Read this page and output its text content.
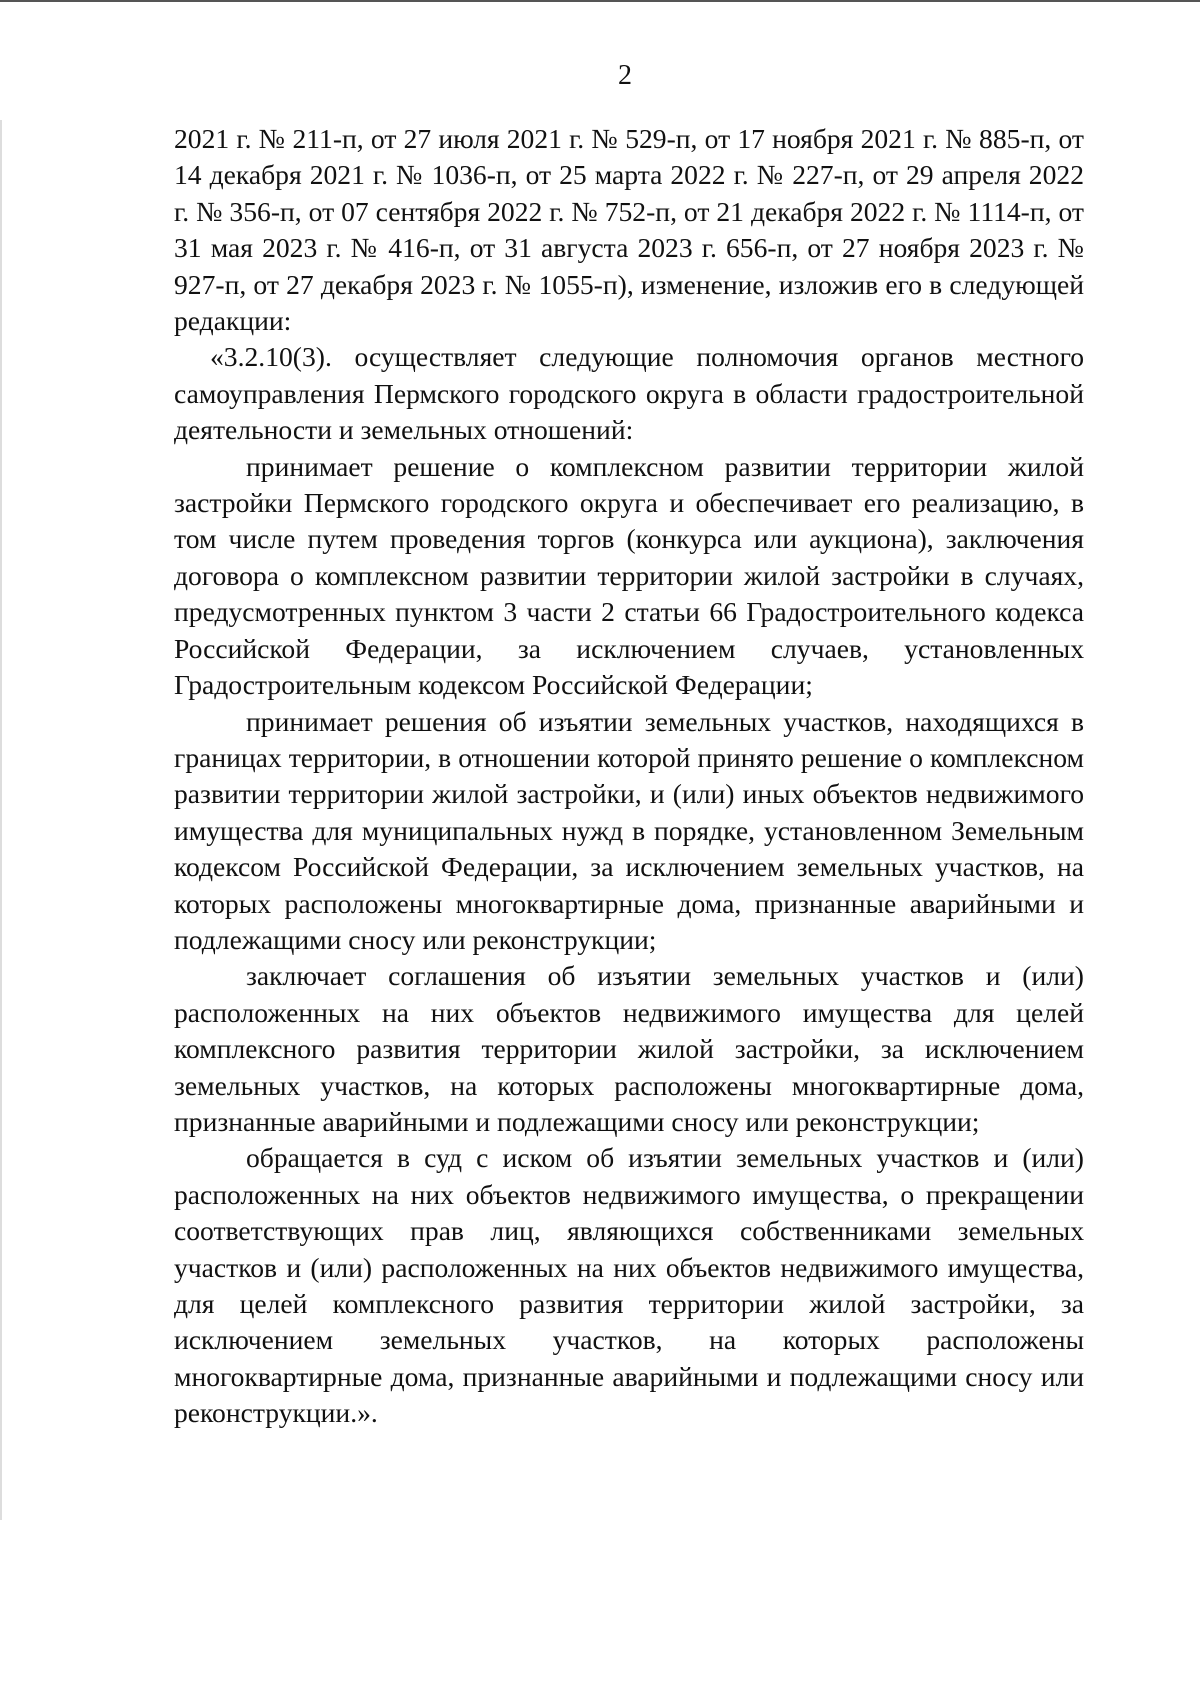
2

2021 г. № 211-п, от 27 июля 2021 г. № 529-п, от 17 ноября 2021 г. № 885-п, от 14 декабря 2021 г. № 1036-п, от 25 марта 2022 г. № 227-п, от 29 апреля 2022 г. № 356-п, от 07 сентября 2022 г. № 752-п, от 21 декабря 2022 г. № 1114-п, от 31 мая 2023 г. № 416-п, от 31 августа 2023 г. 656-п, от 27 ноября 2023 г. № 927-п, от 27 декабря 2023 г. № 1055-п), изменение, изложив его в следующей редакции:

«3.2.10(3). осуществляет следующие полномочия органов местного самоуправления Пермского городского округа в области градостроительной деятельности и земельных отношений:

принимает решение о комплексном развитии территории жилой застройки Пермского городского округа и обеспечивает его реализацию, в том числе путем проведения торгов (конкурса или аукциона), заключения договора о комплексном развитии территории жилой застройки в случаях, предусмотренных пунктом 3 части 2 статьи 66 Градостроительного кодекса Российской Федерации, за исключением случаев, установленных Градостроительным кодексом Российской Федерации;

принимает решения об изъятии земельных участков, находящихся в границах территории, в отношении которой принято решение о комплексном развитии территории жилой застройки, и (или) иных объектов недвижимого имущества для муниципальных нужд в порядке, установленном Земельным кодексом Российской Федерации, за исключением земельных участков, на которых расположены многоквартирные дома, признанные аварийными и подлежащими сносу или реконструкции;

заключает соглашения об изъятии земельных участков и (или) расположенных на них объектов недвижимого имущества для целей комплексного развития территории жилой застройки, за исключением земельных участков, на которых расположены многоквартирные дома, признанные аварийными и подлежащими сносу или реконструкции;

обращается в суд с иском об изъятии земельных участков и (или) расположенных на них объектов недвижимого имущества, о прекращении соответствующих прав лиц, являющихся собственниками земельных участков и (или) расположенных на них объектов недвижимого имущества, для целей комплексного развития территории жилой застройки, за исключением земельных участков, на которых расположены многоквартирные дома, признанные аварийными и подлежащими сносу или реконструкции.».
